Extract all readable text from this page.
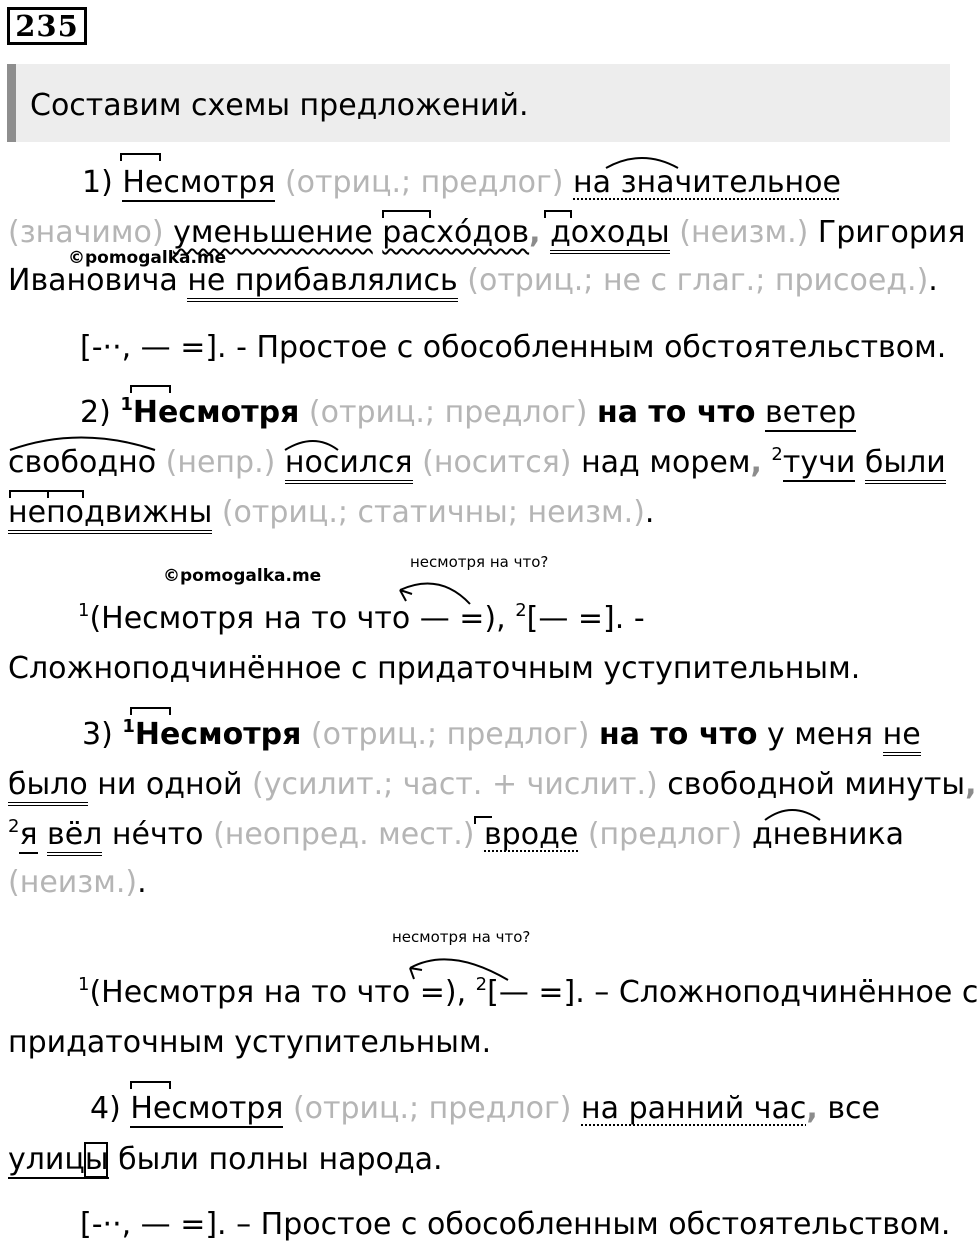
235
Составим схемы предложений.
1) Несмотря (отриц.; предлог) на значительное
(значимо) уменьшение расхо́дов, доходы (неизм.) Григория
©pomogalka.me
Ивановича не прибавлялись (отриц.; не с глаг.; присоед.).
[-··, — =]. - Простое с обособленным обстоятельством.
2) $^1$Несмотря (отриц.; предлог) на то что ветер
свободно (непр.) носился (носится) над морем, $^2$тучи были
неподвижны (отриц.; статичны; неизм.).
несмотря на что?
©pomogalka.me
$^1$(Несмотря на то что — =), $^2$[— =]. -
Сложноподчинённое с придаточным уступительным.
3) $^1$Несмотря (отриц.; предлог) на то что у меня не
было ни одной (усилит.; част. + числит.) свободной минуты,
$^2$я вёл не́что (неопред. мест.) вроде (предлог) дневника
(неизм.).
несмотря на что?
$^1$(Несмотря на то что =), $^2$[— =]. – Сложноподчинённое с
придаточным уступительным.
4) Несмотря (отриц.; предлог) на ранний час, все
улицы были полны народа.
[-··, — =]. – Простое с обособленным обстоятельством.
